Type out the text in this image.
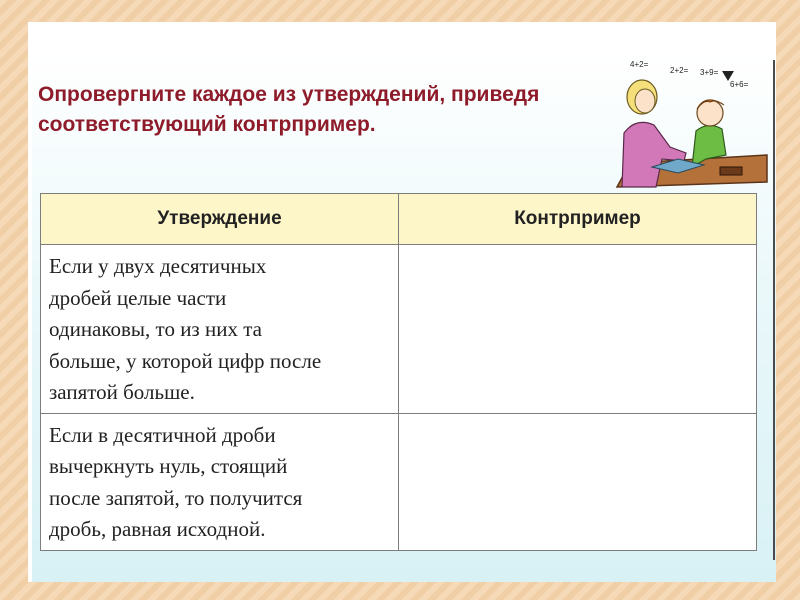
Опровергните каждое из утверждений, приведя
соответствующий контрпример.
4+2=
2+2= 3+9=
6+6=
Утверждение	Контрпример

Если у двух десятичных
дробей целые части
одинаковы, то из них та
больше, у которой цифр после
запятой больше.	

Если в десятичной дроби
вычеркнуть нуль, стоящий
после запятой, то получится
дробь, равная исходной.	
